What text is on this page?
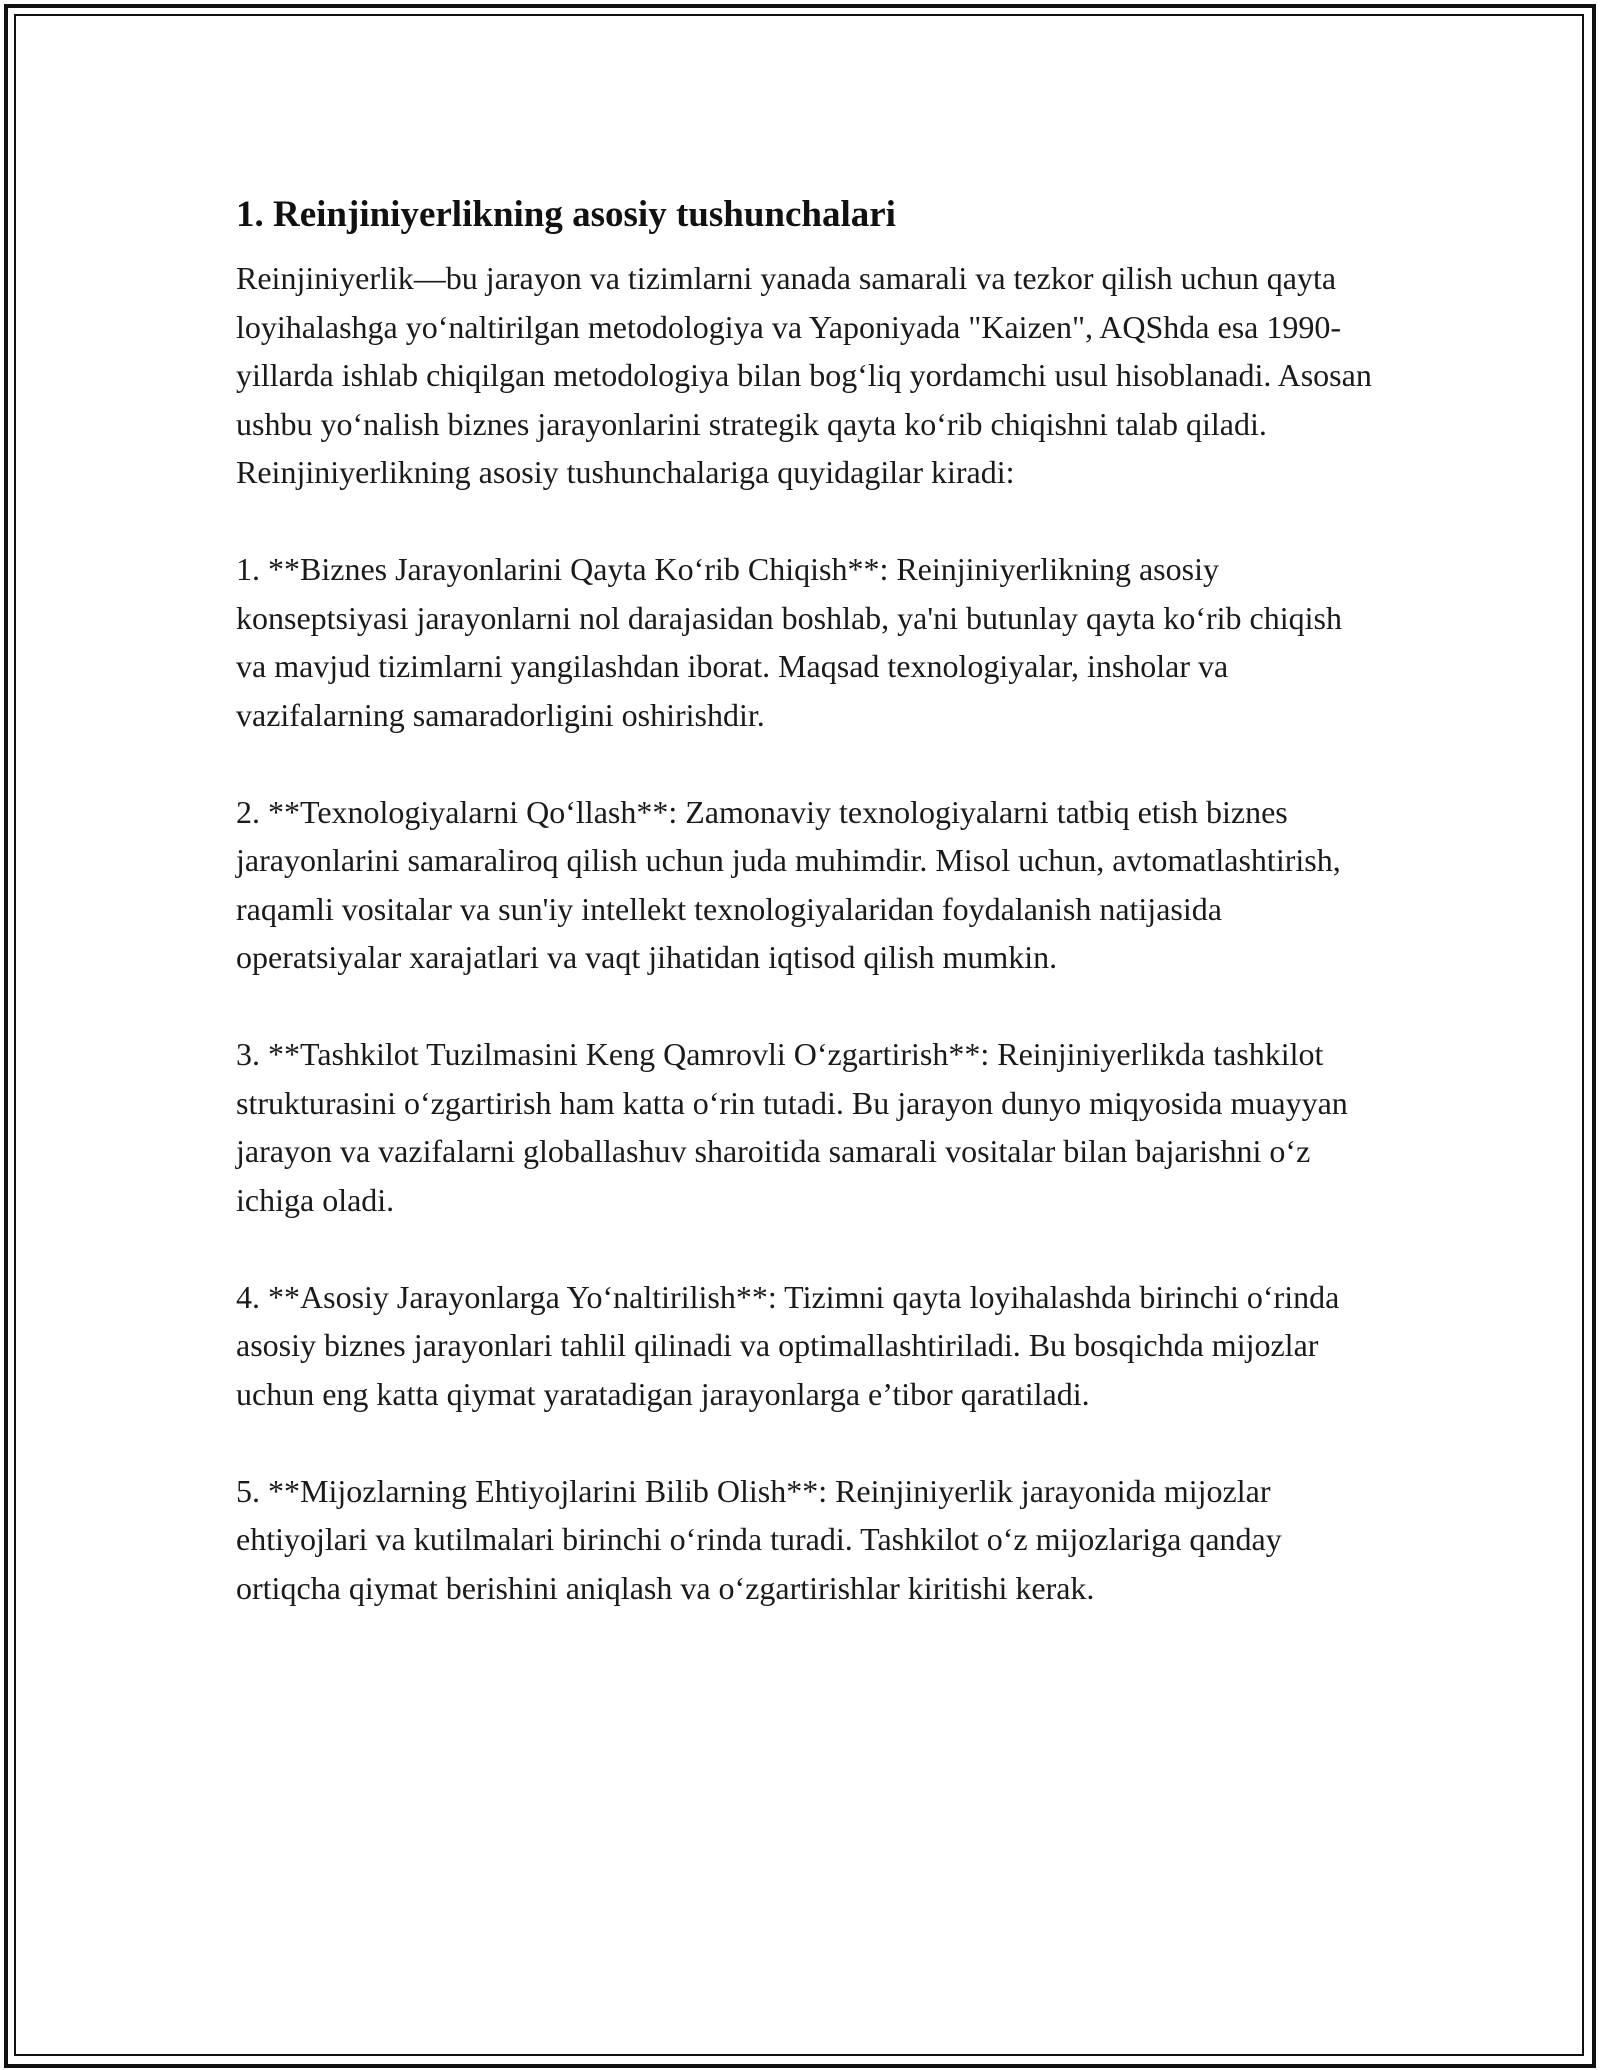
1. Reinjiniyerlikning asosiy tushunchalari

Reinjiniyerlik—bu jarayon va tizimlarni yanada samarali va tezkor qilish uchun qayta loyihalashga yo‘naltirilgan metodologiya va Yaponiyada "Kaizen", AQShda esa 1990-yillarda ishlab chiqilgan metodologiya bilan bog‘liq yordamchi usul hisoblanadi. Asosan ushbu yo‘nalish biznes jarayonlarini strategik qayta ko‘rib chiqishni talab qiladi. Reinjiniyerlikning asosiy tushunchalariga quyidagilar kiradi:

1. **Biznes Jarayonlarini Qayta Ko‘rib Chiqish**: Reinjiniyerlikning asosiy konseptsiyasi jarayonlarni nol darajasidan boshlab, ya'ni butunlay qayta ko‘rib chiqish va mavjud tizimlarni yangilashdan iborat. Maqsad texnologiyalar, insholar va vazifalarning samaradorligini oshirishdir.

2. **Texnologiyalarni Qo‘llash**: Zamonaviy texnologiyalarni tatbiq etish biznes jarayonlarini samaraliroq qilish uchun juda muhimdir. Misol uchun, avtomatlashtirish, raqamli vositalar va sun'iy intellekt texnologiyalaridan foydalanish natijasida operatsiyalar xarajatlari va vaqt jihatidan iqtisod qilish mumkin.

3. **Tashkilot Tuzilmasini Keng Qamrovli O‘zgartirish**: Reinjiniyerlikda tashkilot strukturasini o‘zgartirish ham katta o‘rin tutadi. Bu jarayon dunyo miqyosida muayyan jarayon va vazifalarni globallashuv sharoitida samarali vositalar bilan bajarishni o‘z ichiga oladi.

4. **Asosiy Jarayonlarga Yo‘naltirilish**: Tizimni qayta loyihalashda birinchi o‘rinda asosiy biznes jarayonlari tahlil qilinadi va optimallashtiriladi. Bu bosqichda mijozlar uchun eng katta qiymat yaratadigan jarayonlarga e’tibor qaratiladi.

5. **Mijozlarning Ehtiyojlarini Bilib Olish**: Reinjiniyerlik jarayonida mijozlar ehtiyojlari va kutilmalari birinchi o‘rinda turadi. Tashkilot o‘z mijozlariga qanday ortiqcha qiymat berishini aniqlash va o‘zgartirishlar kiritishi kerak.
